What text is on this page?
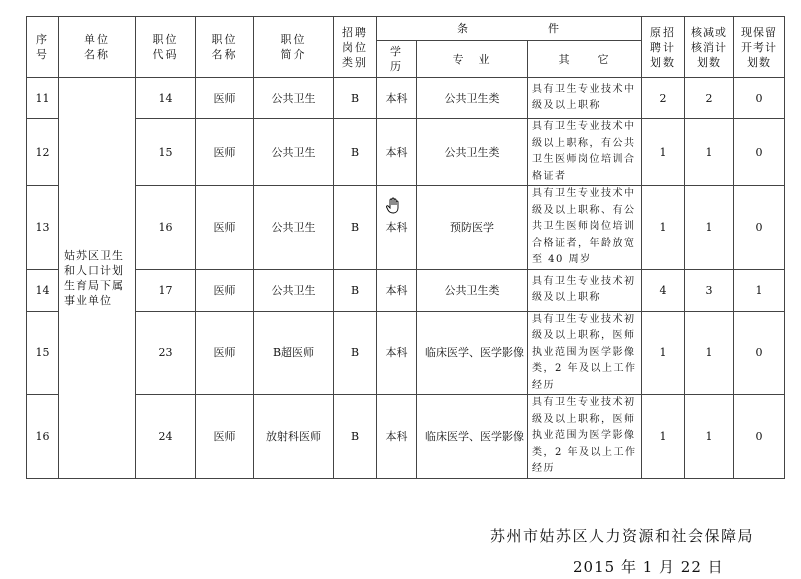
序号	单位名称	职位代码	职位名称	职位简介	招聘岗位类别	条　　　　　　件			原招聘计划数	核减或核消计划数	现保留开考计划数

						学历	专　业	其　　它			
11	姑苏区卫生和人口计划生育局下属事业单位	14	医师	公共卫生	B	本科	公共卫生类	具有卫生专业技术中级及以上职称	2	2	0
12		15	医师	公共卫生	B	本科	公共卫生类	具有卫生专业技术中级以上职称，有公共卫生医师岗位培训合格证者	1	1	0
13		16	医师	公共卫生	B	本科	预防医学	具有卫生专业技术中级及以上职称、有公共卫生医师岗位培训合格证者，年龄放宽至 40 周岁	1	1	0
14		17	医师	公共卫生	B	本科	公共卫生类	具有卫生专业技术初级及以上职称	4	3	1
15		23	医师	B超医师	B	本科	临床医学、医学影像	具有卫生专业技术初级及以上职称，医师执业范围为医学影像类，2 年及以上工作经历	1	1	0
16		24	医师	放射科医师	B	本科	临床医学、医学影像	具有卫生专业技术初级及以上职称，医师执业范围为医学影像类，2 年及以上工作经历	1	1	0
苏州市姑苏区人力资源和社会保障局
2015 年 1 月 22 日
